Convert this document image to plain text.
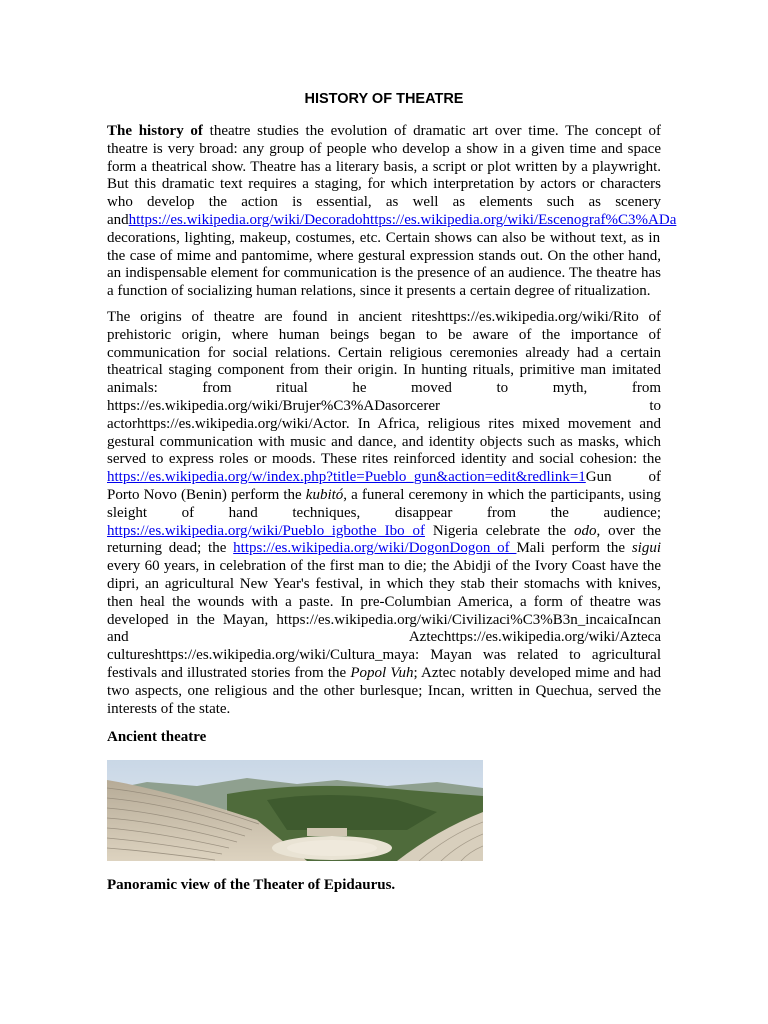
HISTORY OF THEATRE

The history of theatre studies the evolution of dramatic art over time. The concept of theatre is very broad: any group of people who develop a show in a given time and space form a theatrical show. Theatre has a literary basis, a script or plot written by a playwright. But this dramatic text requires a staging, for which interpretation by actors or characters who develop the action is essential, as well as elements such as scenery andhttps://es.wikipedia.org/wiki/Decoradohttps://es.wikipedia.org/wiki/Escenograf%C3%ADa decorations, lighting, makeup, costumes, etc. Certain shows can also be without text, as in the case of mime and pantomime, where gestural expression stands out. On the other hand, an indispensable element for communication is the presence of an audience. The theatre has a function of socializing human relations, since it presents a certain degree of ritualization.

The origins of theatre are found in ancient riteshttps://es.wikipedia.org/wiki/Rito of prehistoric origin, where human beings began to be aware of the importance of communication for social relations. Certain religious ceremonies already had a certain theatrical staging component from their origin. In hunting rituals, primitive man imitated animals: from ritual he moved to myth, from https://es.wikipedia.org/wiki/Brujer%C3%ADasorcerer to actorhttps://es.wikipedia.org/wiki/Actor. In Africa, religious rites mixed movement and gestural communication with music and dance, and identity objects such as masks, which served to express roles or moods. These rites reinforced identity and social cohesion: the https://es.wikipedia.org/w/index.php?title=Pueblo_gun&action=edit&redlink=1Gun of Porto Novo (Benin) perform the kubitó, a funeral ceremony in which the participants, using sleight of hand techniques, disappear from the audience; https://es.wikipedia.org/wiki/Pueblo_igbothe Ibo of Nigeria celebrate the odo, over the returning dead; the https://es.wikipedia.org/wiki/DogonDogon of Mali perform the sigui every 60 years, in celebration of the first man to die; the Abidji of the Ivory Coast have the dipri, an agricultural New Year's festival, in which they stab their stomachs with knives, then heal the wounds with a paste. In pre-Columbian America, a form of theatre was developed in the Mayan, https://es.wikipedia.org/wiki/Civilizaci%C3%B3n_incaicaIncan and Aztechttps://es.wikipedia.org/wiki/Azteca cultureshttps://es.wikipedia.org/wiki/Cultura_maya: Mayan was related to agricultural festivals and illustrated stories from the Popol Vuh; Aztec notably developed mime and had two aspects, one religious and the other burlesque; Incan, written in Quechua, served the interests of the state.

Ancient theatre
Panoramic view of the Theater of Epidaurus.
